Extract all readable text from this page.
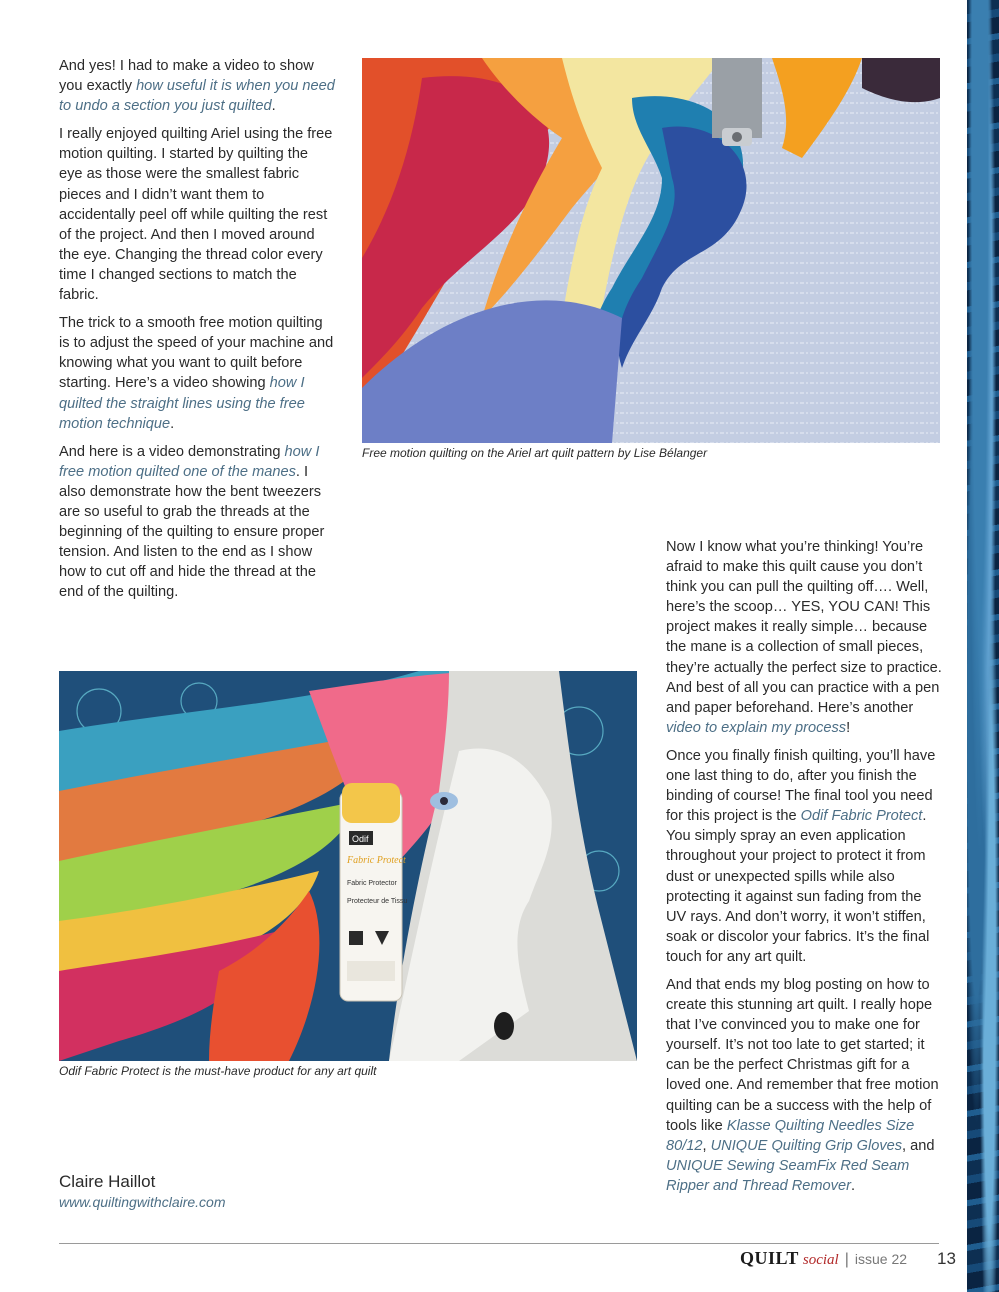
And yes! I had to make a video to show you exactly how useful it is when you need to undo a section you just quilted.

I really enjoyed quilting Ariel using the free motion quilting. I started by quilting the eye as those were the smallest fabric pieces and I didn’t want them to accidentally peel off while quilting the rest of the project. And then I moved around the eye. Changing the thread color every time I changed sections to match the fabric.

The trick to a smooth free motion quilting is to adjust the speed of your machine and knowing what you want to quilt before starting. Here’s a video showing how I quilted the straight lines using the free motion technique.

And here is a video demonstrating how I free motion quilted one of the manes. I also demonstrate how the bent tweezers are so useful to grab the threads at the beginning of the quilting to ensure proper tension. And listen to the end as I show how to cut off and hide the thread at the end of the quilting.

Free motion quilting on the Ariel art quilt pattern by Lise Bélanger

Now I know what you’re thinking! You’re afraid to make this quilt cause you don’t think you can pull the quilting off…. Well, here’s the scoop… YES, YOU CAN! This project makes it really simple… because the mane is a collection of small pieces, they’re actually the perfect size to practice. And best of all you can practice with a pen and paper beforehand. Here’s another video to explain my process!

Once you finally finish quilting, you’ll have one last thing to do, after you finish the binding of course! The final tool you need for this project is the Odif Fabric Protect. You simply spray an even application throughout your project to protect it from dust or unexpected spills while also protecting it against sun fading from the UV rays. And don’t worry, it won’t stiffen, soak or discolor your fabrics. It’s the final touch for any art quilt.

And that ends my blog posting on how to create this stunning art quilt. I really hope that I’ve convinced you to make one for yourself. It’s not too late to get started; it can be the perfect Christmas gift for a loved one. And remember that free motion quilting can be a success with the help of tools like Klasse Quilting Needles Size 80/12, UNIQUE Quilting Grip Gloves, and UNIQUE Sewing SeamFix Red Seam Ripper and Thread Remover.

Odif
Fabric Protect
Fabric Protector
Protecteur de Tissu
Odif Fabric Protect is the must-have product for any art quilt
Claire Haillot
www.quiltingwithclaire.com
QUILT social | issue 22 13
